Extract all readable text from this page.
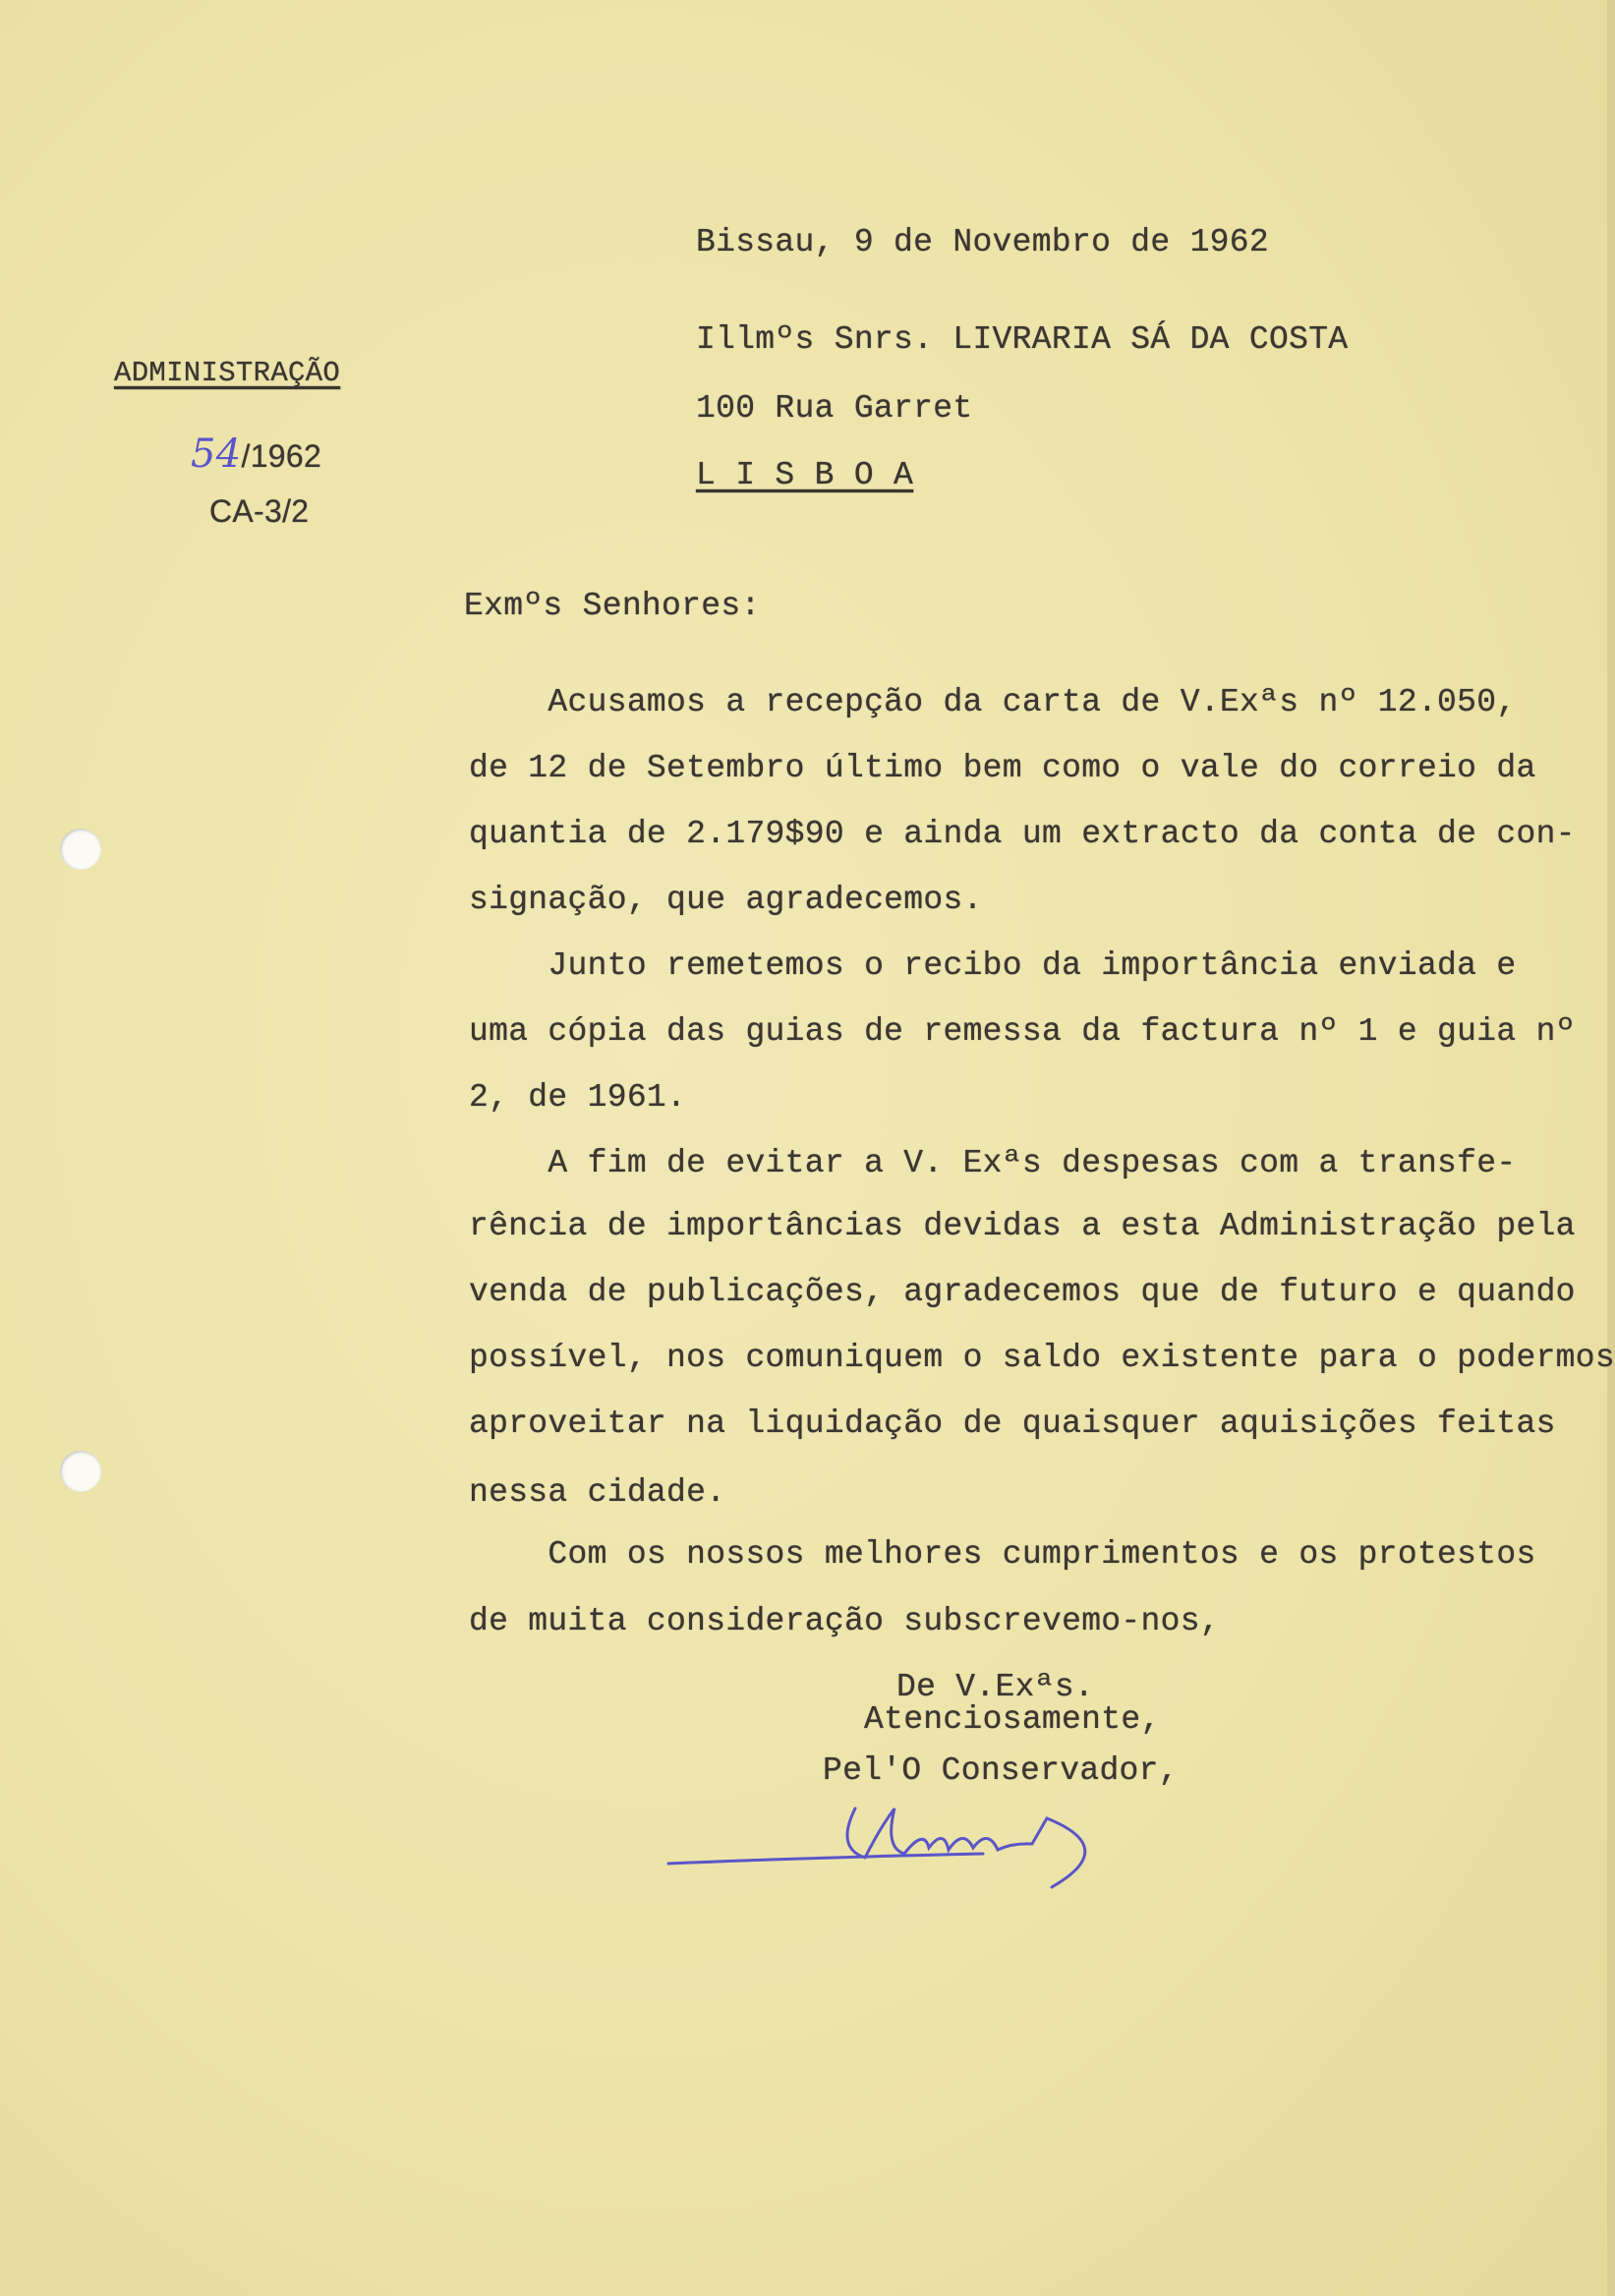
Bissau, 9 de Novembro de 1962
Illmºs Snrs. LIVRARIA SÁ DA COSTA
100 Rua Garret
L I S B O A
ADMINISTRAÇÃO
54/1962
CA-3/2
Exmºs Senhores:
Acusamos a recepção da carta de V.Exªs nº 12.050,
de 12 de Setembro último bem como o vale do correio da
quantia de 2.179$90 e ainda um extracto da conta de con-
signação, que agradecemos.
Junto remetemos o recibo da importância enviada e
uma cópia das guias de remessa da factura nº 1 e guia nº
2, de 1961.
A fim de evitar a V. Exªs despesas com a transfe-
rência de importâncias devidas a esta Administração pela
venda de publicações, agradecemos que de futuro e quando
possível, nos comuniquem o saldo existente para o podermos
aproveitar na liquidação de quaisquer aquisições feitas
nessa cidade.
Com os nossos melhores cumprimentos e os protestos
de muita consideração subscrevemo-nos,
De V.Exªs.
Atenciosamente,
Pel'O Conservador,
